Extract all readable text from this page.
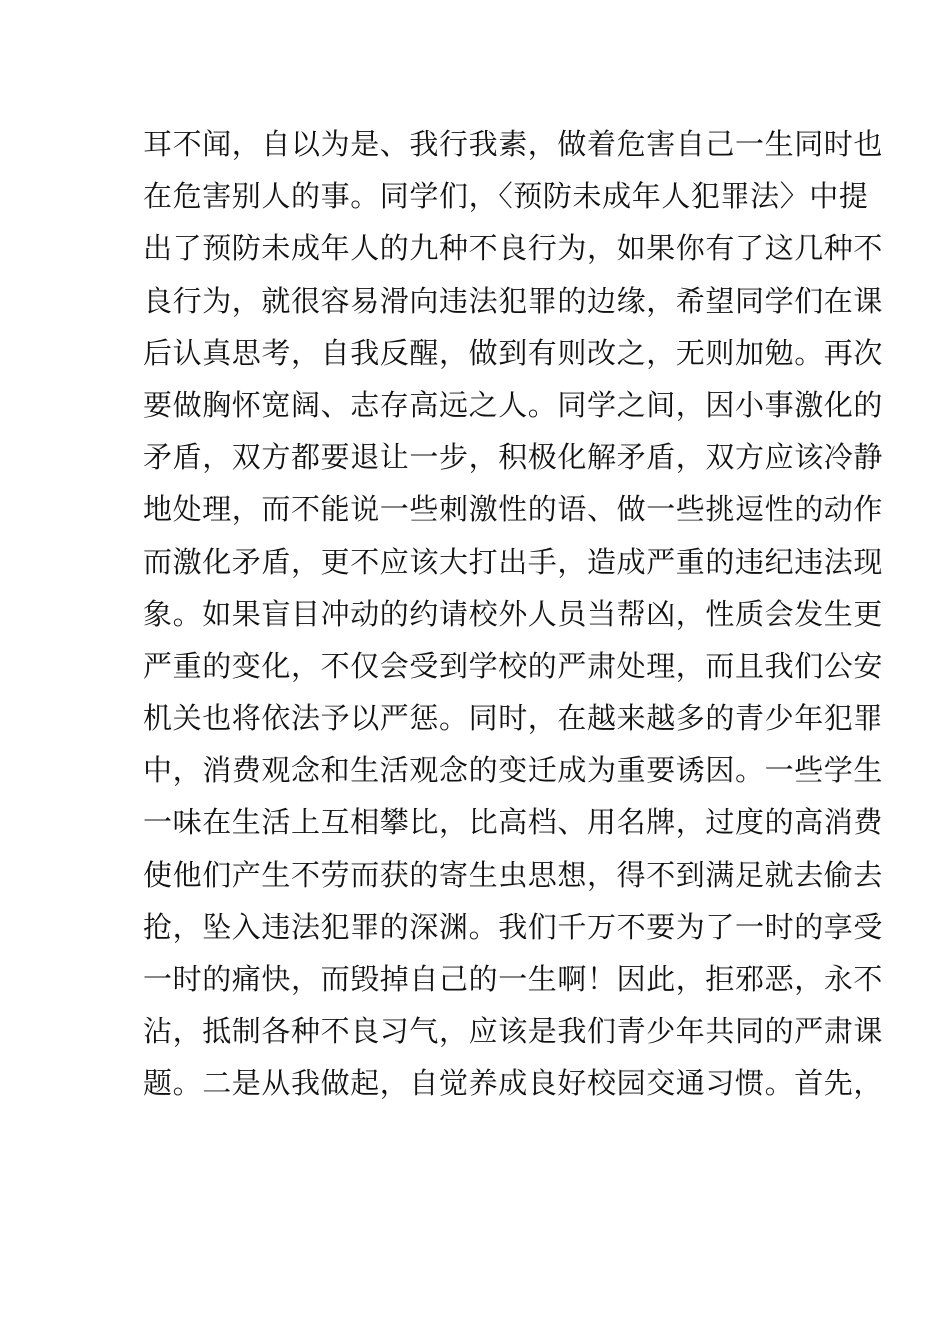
耳不闻，自以为是、我行我素，做着危害自己一生同时也
在危害别人的事。同学们，〈预防未成年人犯罪法〉中提
出了预防未成年人的九种不良行为，如果你有了这几种不
良行为，就很容易滑向违法犯罪的边缘，希望同学们在课
后认真思考，自我反醒，做到有则改之，无则加勉。再次
要做胸怀宽阔、志存高远之人。同学之间，因小事激化的
矛盾，双方都要退让一步，积极化解矛盾，双方应该冷静
地处理，而不能说一些刺激性的语、做一些挑逗性的动作
而激化矛盾，更不应该大打出手，造成严重的违纪违法现
象。如果盲目冲动的约请校外人员当帮凶，性质会发生更
严重的变化，不仅会受到学校的严肃处理，而且我们公安
机关也将依法予以严惩。同时，在越来越多的青少年犯罪
中，消费观念和生活观念的变迁成为重要诱因。一些学生
一味在生活上互相攀比，比高档、用名牌，过度的高消费
使他们产生不劳而获的寄生虫思想，得不到满足就去偷去
抢，坠入违法犯罪的深渊。我们千万不要为了一时的享受
一时的痛快，而毁掉自己的一生啊！因此，拒邪恶，永不
沾，抵制各种不良习气，应该是我们青少年共同的严肃课
题。二是从我做起，自觉养成良好校园交通习惯。首先，
